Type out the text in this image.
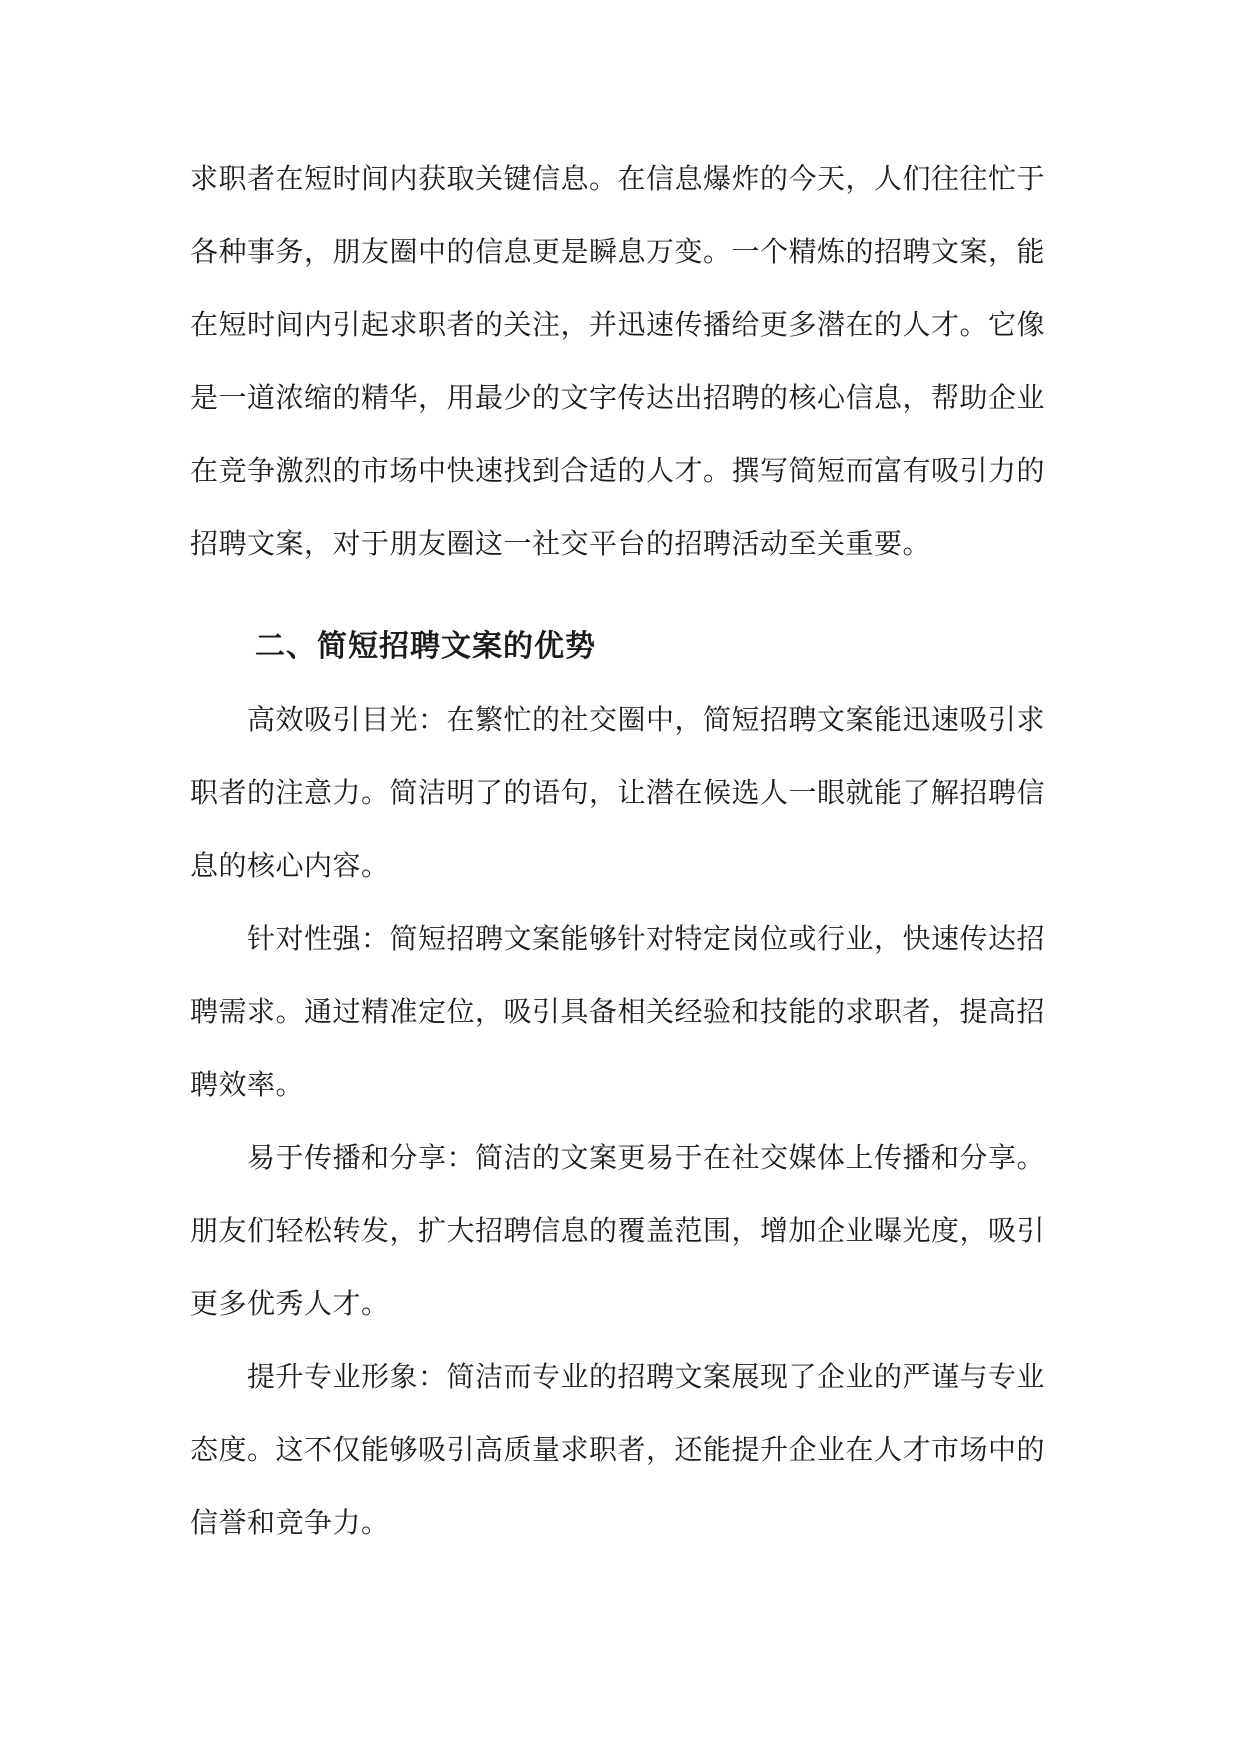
求职者在短时间内获取关键信息。在信息爆炸的今天，人们往往忙于
各种事务，朋友圈中的信息更是瞬息万变。一个精炼的招聘文案，能
在短时间内引起求职者的关注，并迅速传播给更多潜在的人才。它像
是一道浓缩的精华，用最少的文字传达出招聘的核心信息，帮助企业
在竞争激烈的市场中快速找到合适的人才。撰写简短而富有吸引力的
招聘文案，对于朋友圈这一社交平台的招聘活动至关重要。

二、简短招聘文案的优势

高效吸引目光：在繁忙的社交圈中，简短招聘文案能迅速吸引求
职者的注意力。简洁明了的语句，让潜在候选人一眼就能了解招聘信
息的核心内容。

针对性强：简短招聘文案能够针对特定岗位或行业，快速传达招
聘需求。通过精准定位，吸引具备相关经验和技能的求职者，提高招
聘效率。

易于传播和分享：简洁的文案更易于在社交媒体上传播和分享。
朋友们轻松转发，扩大招聘信息的覆盖范围，增加企业曝光度，吸引
更多优秀人才。

提升专业形象：简洁而专业的招聘文案展现了企业的严谨与专业
态度。这不仅能够吸引高质量求职者，还能提升企业在人才市场中的
信誉和竞争力。
